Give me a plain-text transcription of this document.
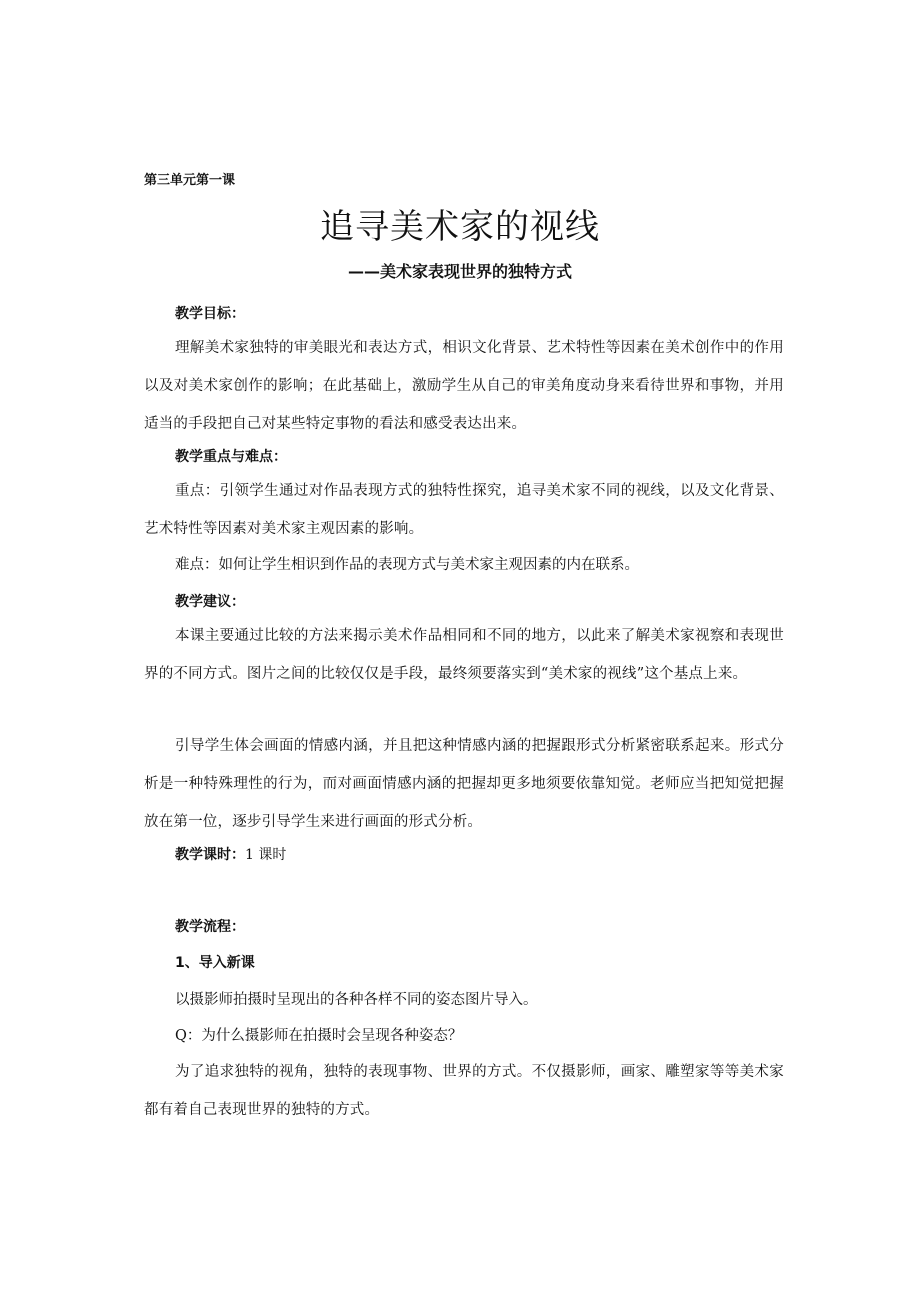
第三单元第一课
追寻美术家的视线
——美术家表现世界的独特方式
教学目标：
理解美术家独特的审美眼光和表达方式，相识文化背景、艺术特性等因素在美术创作中的作用以及对美术家创作的影响；在此基础上，激励学生从自己的审美角度动身来看待世界和事物，并用适当的手段把自己对某些特定事物的看法和感受表达出来。
教学重点与难点：
重点：引领学生通过对作品表现方式的独特性探究，追寻美术家不同的视线，以及文化背景、艺术特性等因素对美术家主观因素的影响。
难点：如何让学生相识到作品的表现方式与美术家主观因素的内在联系。
教学建议：
本课主要通过比较的方法来揭示美术作品相同和不同的地方，以此来了解美术家视察和表现世界的不同方式。图片之间的比较仅仅是手段，最终须要落实到“美术家的视线”这个基点上来。
引导学生体会画面的情感内涵，并且把这种情感内涵的把握跟形式分析紧密联系起来。形式分析是一种特殊理性的行为，而对画面情感内涵的把握却更多地须要依靠知觉。老师应当把知觉把握放在第一位，逐步引导学生来进行画面的形式分析。
教学课时：1 课时
教学流程：
1、导入新课
以摄影师拍摄时呈现出的各种各样不同的姿态图片导入。
Q：为什么摄影师在拍摄时会呈现各种姿态？
为了追求独特的视角，独特的表现事物、世界的方式。不仅摄影师，画家、雕塑家等等美术家都有着自己表现世界的独特的方式。
